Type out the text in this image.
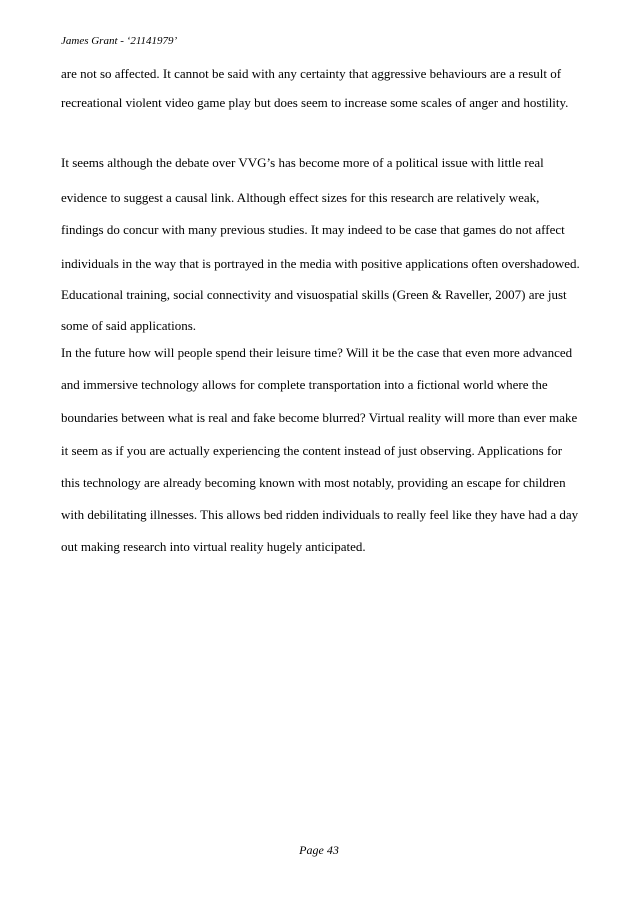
James Grant - ‘21141979’
are not so affected. It cannot be said with any certainty that aggressive behaviours are a result of
recreational violent video game play but does seem to increase some scales of anger and hostility.
It seems although the debate over VVG’s has become more of a political issue with little real
evidence to suggest a causal link. Although effect sizes for this research are relatively weak,
findings do concur with many previous studies. It may indeed to be case that games do not affect
individuals in the way that is portrayed in the media with positive applications often overshadowed.
Educational training, social connectivity and visuospatial skills (Green & Raveller, 2007) are just
some of said applications.
In the future how will people spend their leisure time? Will it be the case that even more advanced
and immersive technology allows for complete transportation into a fictional world where the
boundaries between what is real and fake become blurred? Virtual reality will more than ever make
it seem as if you are actually experiencing the content instead of just observing. Applications for
this technology are already becoming known with most notably, providing an escape for children
with debilitating illnesses. This allows bed ridden individuals to really feel like they have had a day
out making research into virtual reality hugely anticipated.
Page 43
